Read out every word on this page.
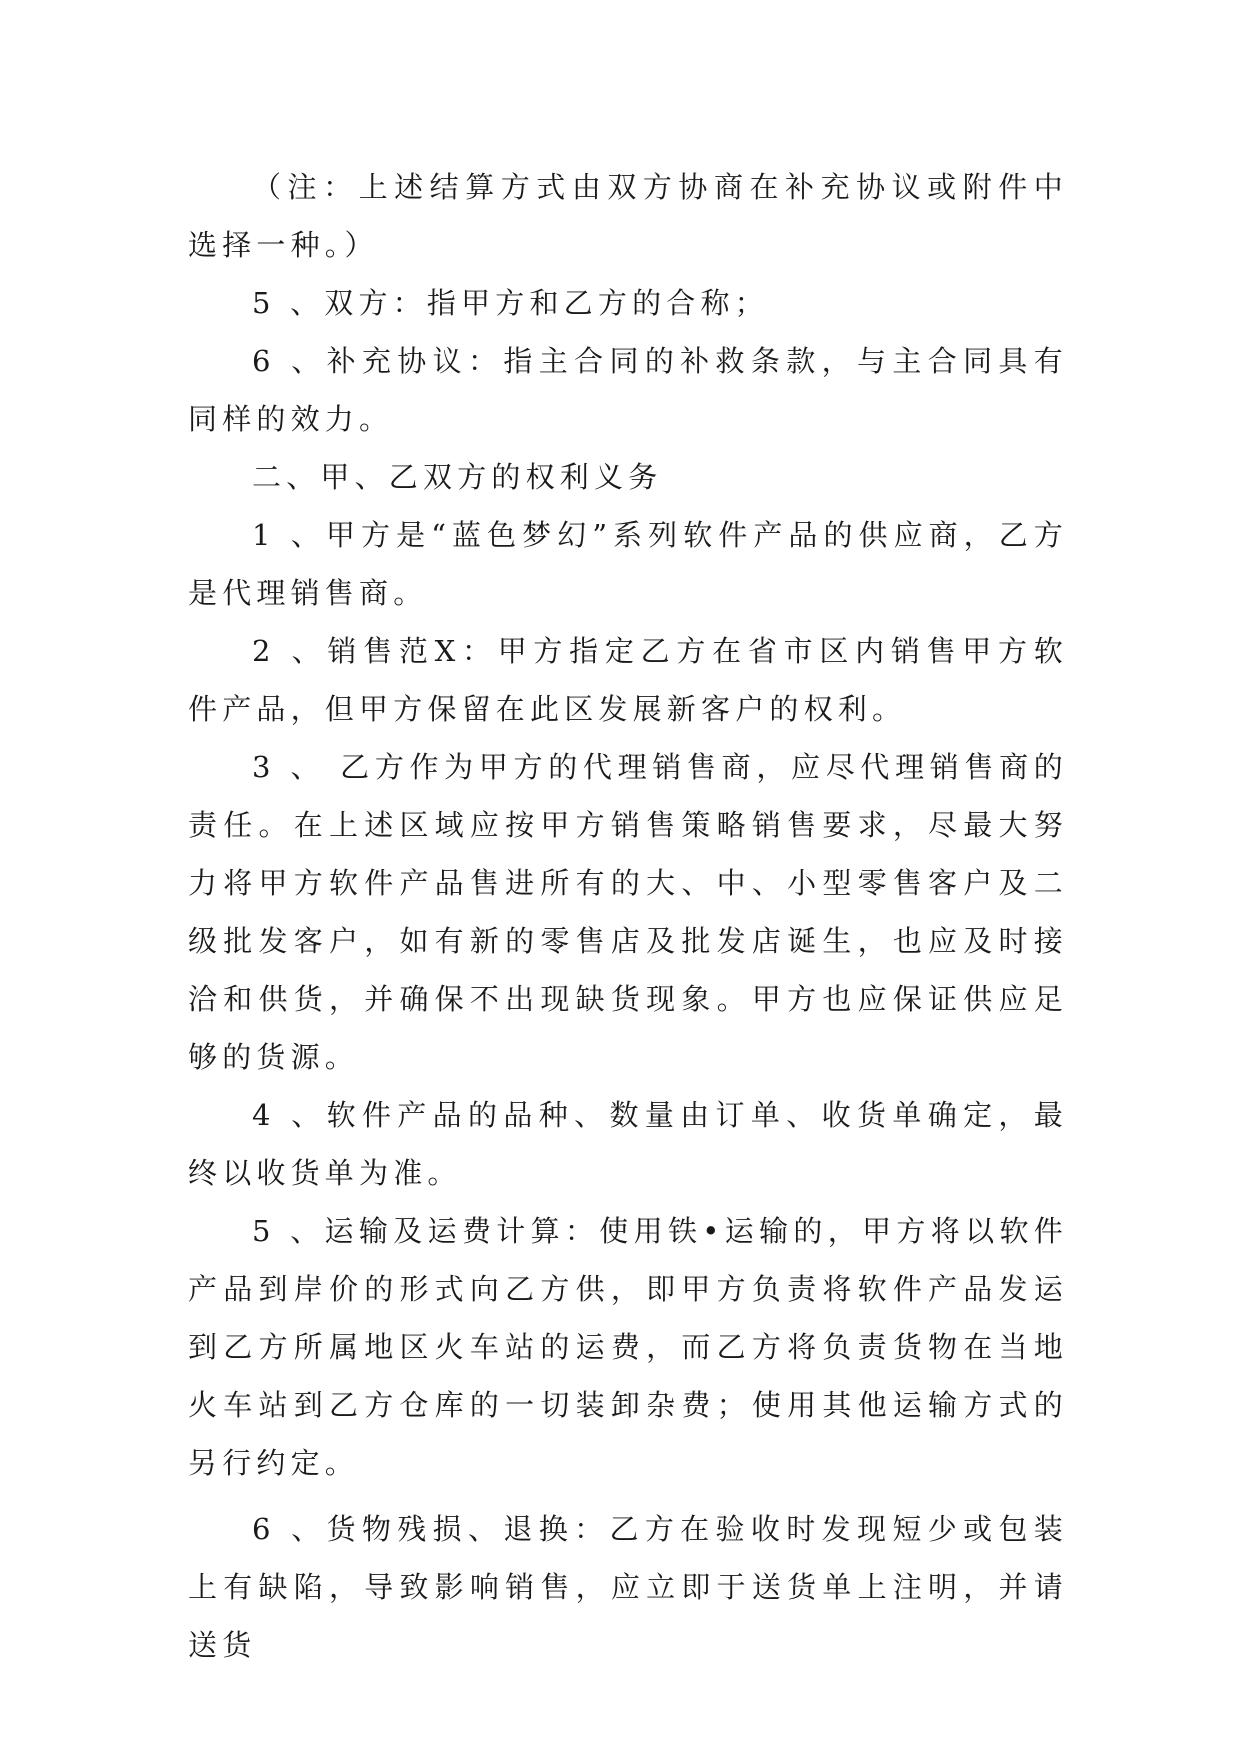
（注：上述结算方式由双方协商在补充协议或附件中选择一种。）

5 、双方：指甲方和乙方的合称；

6 、补充协议：指主合同的补救条款，与主合同具有同样的效力。

二、甲、乙双方的权利义务

1 、甲方是“蓝色梦幻”系列软件产品的供应商，乙方是代理销售商。

2 、销售范X：甲方指定乙方在省市区内销售甲方软件产品，但甲方保留在此区发展新客户的权利。

3 、 乙方作为甲方的代理销售商，应尽代理销售商的责任。在上述区域应按甲方销售策略销售要求，尽最大努力将甲方软件产品售进所有的大、中、小型零售客户及二级批发客户，如有新的零售店及批发店诞生，也应及时接洽和供货，并确保不出现缺货现象。甲方也应保证供应足够的货源。

4 、软件产品的品种、数量由订单、收货单确定，最终以收货单为准。

5 、运输及运费计算：使用铁•运输的，甲方将以软件产品到岸价的形式向乙方供，即甲方负责将软件产品发运到乙方所属地区火车站的运费，而乙方将负责货物在当地火车站到乙方仓库的一切装卸杂费；使用其他运输方式的另行约定。

6 、货物残损、退换：乙方在验收时发现短少或包装上有缺陷，导致影响销售，应立即于送货单上注明，并请送货
